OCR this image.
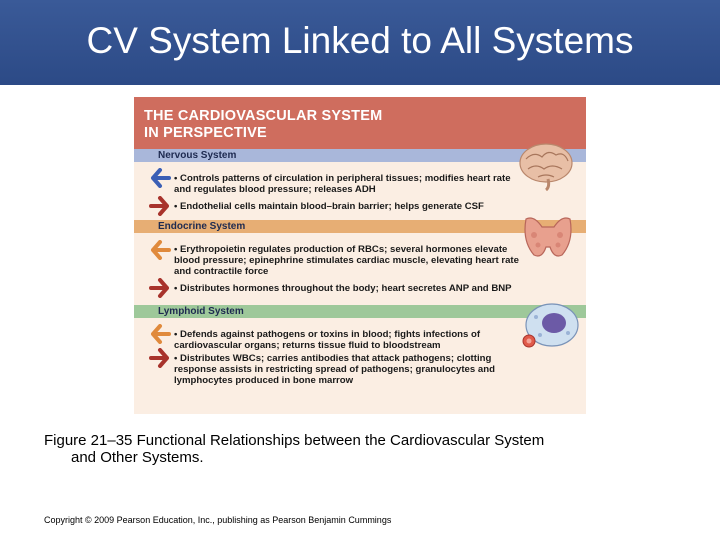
CV System Linked to All Systems
THE CARDIOVASCULAR SYSTEM
IN PERSPECTIVE
Nervous System
• Controls patterns of circulation in peripheral tissues; modifies heart rate and regulates blood pressure; releases ADH
• Endothelial cells maintain blood–brain barrier; helps generate CSF
Endocrine System
• Erythropoietin regulates production of RBCs; several hormones elevate blood pressure; epinephrine stimulates cardiac muscle, elevating heart rate and contractile force
• Distributes hormones throughout the body; heart secretes ANP and BNP
Lymphoid System
• Defends against pathogens or toxins in blood; fights infections of cardiovascular organs; returns tissue fluid to bloodstream
• Distributes WBCs; carries antibodies that attack pathogens; clotting response assists in restricting spread of pathogens; granulocytes and lymphocytes produced in bone marrow
Figure 21–35 Functional Relationships between the Cardiovascular System
and Other Systems.
Copyright © 2009 Pearson Education, Inc., publishing as Pearson Benjamin Cummings
